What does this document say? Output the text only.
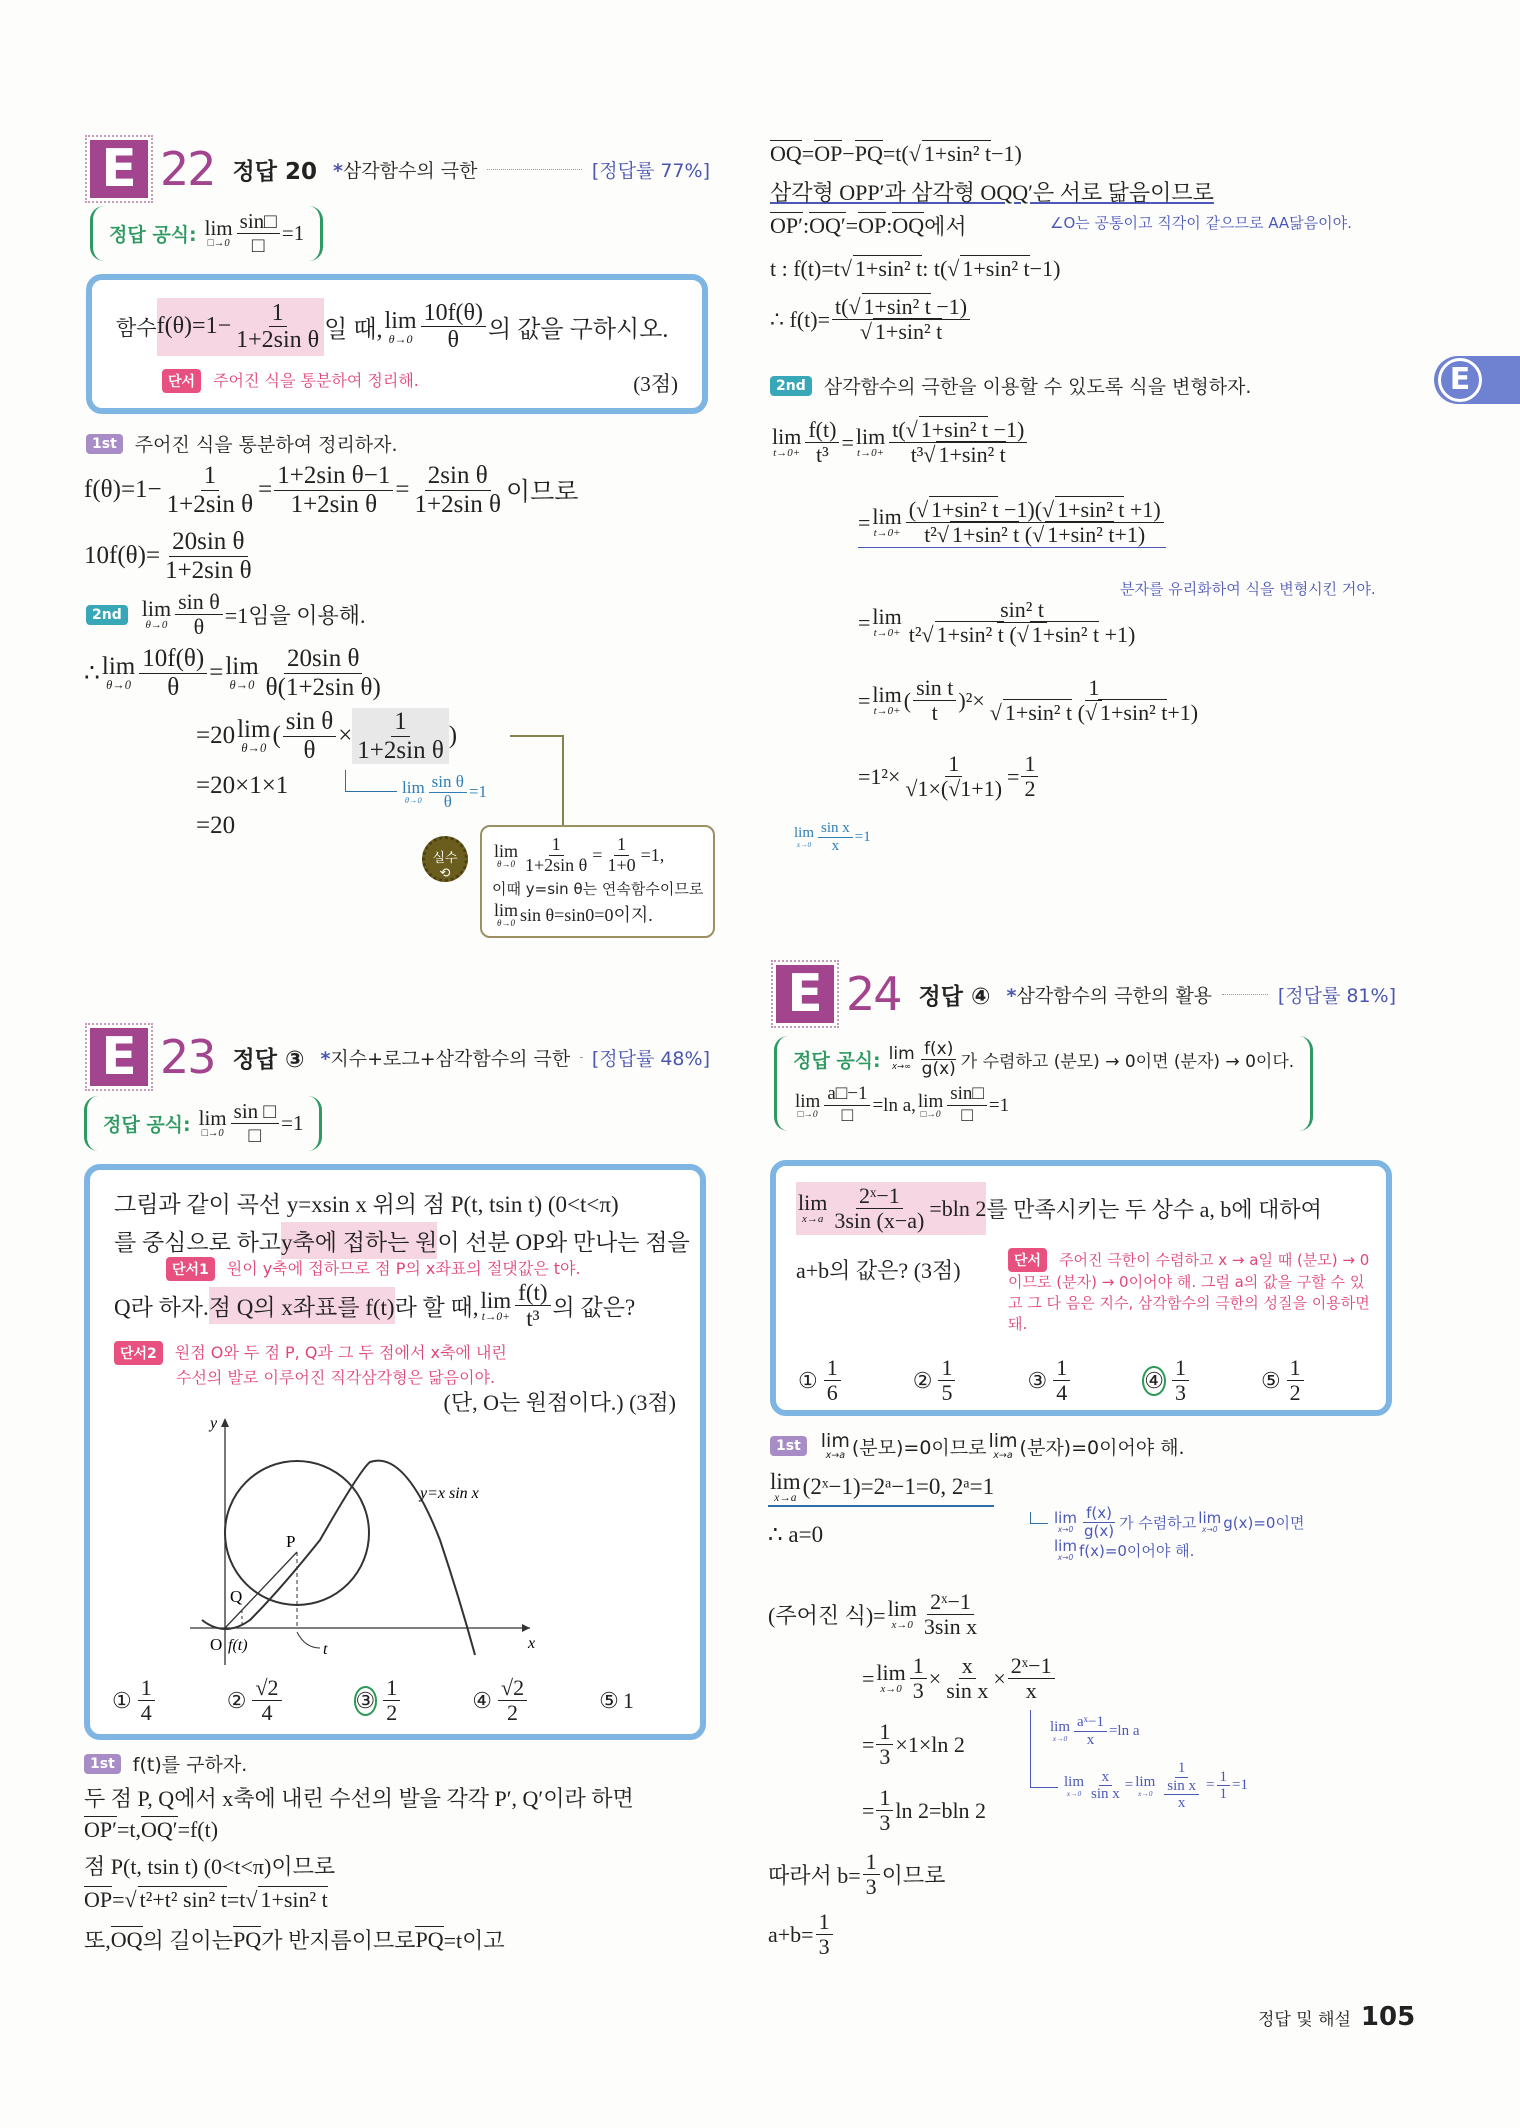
E
E 22 정답 20 *삼각함수의 극한	[정답률 77%]
정답 공식: lim
□→0 $\frac{\sin□}{□} =1$
함수 $f(\theta)=1- \frac{1}{\text{1+2sin θ}}$ 일 때, lim
$\theta\to 0 \frac{10f(\theta)}{\theta}$ 의 값을 구하시오.
단서 주어진 식을 통분하여 정리해.	(3점)
1st 주어진 식을 통분하여 정리하자.
$f(\theta)=1- \frac{1}{\text{1+2sin θ}} = \frac{\text{1+2sin θ−1}}{\text{1+2sin θ}} = \frac{\text{2sin θ}}{\text{1+2sin θ}}$ 이므로
$10f(\theta)= \frac{\text{20sin θ}}{\text{1+2sin θ}}$
2nd lim
$\theta\to 0 \frac{\text{sin θ}}{\theta} =1$임을 이용해.
∴ lim
$\theta\to 0 \frac{10f(\theta)}{\theta} = \lim$
$\theta\to 0 \frac{\text{20sin θ}}{\text{θ(1+2sin θ)}}$
=20 lim
θ→0 ( $\frac{\text{sin θ}}{\theta} \times \frac{1}{\text{1+2sin θ}}$ )
lim
$\theta\to 0 \frac{\text{sin θ}}{\theta} =1$
=20×1×1
=20
실수
⟲
lim
$\theta\to 0 \frac{1}{\text{1+2sin θ}} = \frac{1}{1+0} =1$,
이때 y=sin θ는 연속함수이므로
lim
θ→0 sin θ=sin0=0이지.
E 23 정답 ③ *지수+로그+삼각함수의 극한 [정답률 48%]
정답 공식: lim
□→0 $\frac{\sin □}{□} =1$
그림과 같이 곡선 y=xsin x 위의 점 P(t, tsin t) (0<t<π)
를 중심으로 하고 y축에 접하는 원 이 선분 OP와 만나는 점을
단서1 원이 y축에 접하므로 점 P의 x좌표의 절댓값은 t야.
Q라 하자. 점 Q의 x좌표를 f(t) 라 할 때, lim
$t\to 0+ \frac{f(t)}{\text{t³}}$ 의 값은?
단서2 원점 O와 두 점 P, Q과 그 두 점에서 x축에 내린
수선의 발로 이루어진 직각삼각형은 닮음이야.
(단, O는 원점이다.) (3점)
y
x
O f(t)	t
P
Q
y=x sin x
① $\frac{1}{4}$	② $\frac{√2}{4}$	③ $\frac{1}{2}$	④ $\frac{√2}{2}$	⑤ 1
1st f(t)를 구하자.
두 점 P, Q에서 x축에 내린 수선의 발을 각각 P′, Q′이라 하면
OP′ =t, OQ′ =f(t)
점 P(t, tsin t) (0<t<π)이므로
OP = √ t²+t² sin² t =t √ 1+sin² t
또, OQ 의 길이는 PQ 가 반지름이므로 PQ =t이고
OQ = OP − PQ =t( √ 1+sin² t −1)
삼각형 OPP′과 삼각형 OQQ′은 서로 닮음 이므로
OP′ : OQ′ = OP : OQ 에서	∠O는 공통이고 직각이 같으므로 AA닮음이야.
t : f(t)=t √ 1+sin² t : t( √ 1+sin² t −1)
∴ $f(t)= \frac{\text{t(√ 1+sin² t −1)}}{\text{√ 1+sin² t}}$
2nd 삼각함수의 극한을 이용할 수 있도록 식을 변형하자.
lim
$t\to 0+ \frac{f(t)}{\text{t³}} = \lim$
$t\to 0+ \frac{\text{t(√ 1+sin² t −1)}}{\text{t³√ 1+sin² t}}$
= lim
$t\to 0+ \frac{\text{(√ 1+sin² t −1)(√ 1+sin² t +1)}}{\text{t²√ 1+sin² t (√ 1+sin² t+1)}}$
분자를 유리화하여 식을 변형시킨 거야.
= lim
$t\to 0+ \frac{\text{sin² t}}{\text{t²√ 1+sin² t (√ 1+sin² t +1)}}$
= lim
t→0+ ( $\frac{\text{sin t}}{t} )^2\times \frac{1}{\text{√ 1+sin² t (√ 1+sin² t+1)}}$
$=1^2\times \frac{1}{√1\times(√1+1)} = \frac{1}{2}$
lim
$x\to 0 \frac{\text{sin x}}{x} =1$
E 24 정답 ④ *삼각함수의 극한의 활용	[정답률 81%]
정답 공식: lim
$x\to\infty \frac{f(x)}{g(x)}$ 가 수렴하고 (분모) → 0이면 (분자) → 0이다.
lim
□→0 $\frac{a□-1}{□} =\ln$ a, lim
□→0 $\frac{\sin□}{□} =1$
lim
$x\to a \frac{\text{2ˣ−1}}{3\sin (x-a)} =bln$ 2 를 만족시키는 두 상수 a, b에 대하여
a+b의 값은? (3점)	단서 주어진 극한이 수렴하고 x → a일 때 (분모) → 0이므로 (분자) → 0이어야 해. 그럼 a의 값을 구할 수 있고 그 다 음은 지수, 삼각함수의 극한의 성질을 이용하면 돼.
① $\frac{1}{6}$	② $\frac{1}{5}$	③ $\frac{1}{4}$	④ $\frac{1}{3}$	⑤ $\frac{1}{2}$
1st	lim
x→a (분모)=0이므로 lim
x→a (분자)=0이어야 해.
lim
x→a (2ˣ−1)=2ᵃ−1=0, 2ᵃ=1
lim
$x\to 0 \frac{f(x)}{g(x)}$ 가 수렴하고 lim
x→0 g(x)=0이면
lim
x→0 f(x)=0이어야 해.
∴ a=0
(주어진 식)= lim
$x\to 0 \frac{\text{2ˣ−1}}{\text{3sin x}}$
= lim
$x\to 0 \frac{1}{3} \times \frac{x}{\text{sin x}} \times \frac{\text{2ˣ−1}}{x}$
lim
$x\to 0 \frac{\text{aˣ−1}}{x} =\ln$ a
= $\frac{1}{3} \times 1\times\ln$ 2
lim
$x\to 0 \frac{x}{\text{sin x}} = \lim$
$x\to 0 \frac{1}{\frac{\text{sin x}}{x}} = \frac{1}{1} =1$
= $\frac{1}{3}$ ln 2=bln 2
따라서 $b= \frac{1}{3}$ 이므로
$a+b= \frac{1}{3}$
정답 및 해설 105
